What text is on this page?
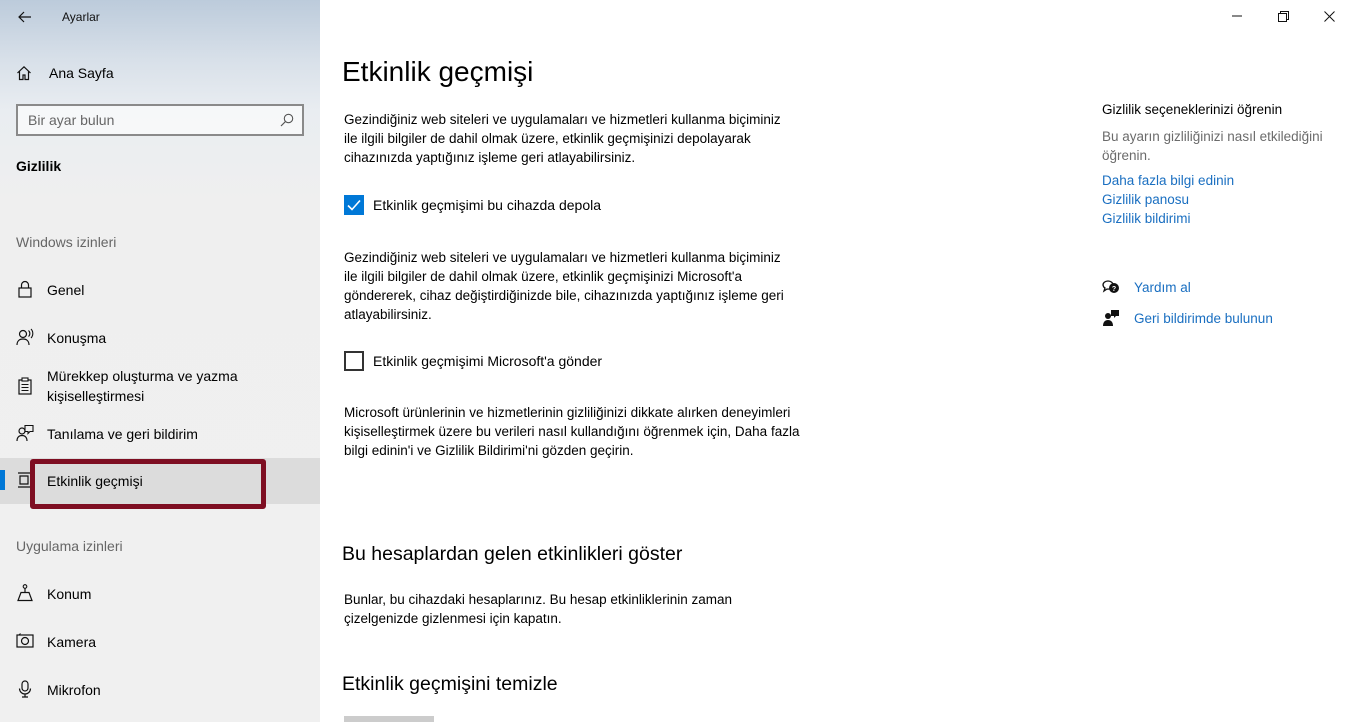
Ayarlar
Ana Sayfa
Bir ayar bulun
Gizlilik
Windows izinleri
Genel
Konuşma
Mürekkep oluşturma ve yazma kişiselleştirmesi
Tanılama ve geri bildirim
Etkinlik geçmişi
Uygulama izinleri
Konum
Kamera
Mikrofon
Etkinlik geçmişi

Gezindiğiniz web siteleri ve uygulamaları ve hizmetleri kullanma biçiminiz ile ilgili bilgiler de dahil olmak üzere, etkinlik geçmişinizi depolayarak cihazınızda yaptığınız işleme geri atlayabilirsiniz.

Etkinlik geçmişimi bu cihazda depola

Gezindiğiniz web siteleri ve uygulamaları ve hizmetleri kullanma biçiminiz ile ilgili bilgiler de dahil olmak üzere, etkinlik geçmişinizi Microsoft'a göndererek, cihaz değiştirdiğinizde bile, cihazınızda yaptığınız işleme geri atlayabilirsiniz.

Etkinlik geçmişimi Microsoft'a gönder

Microsoft ürünlerinin ve hizmetlerinin gizliliğinizi dikkate alırken deneyimleri kişiselleştirmek üzere bu verileri nasıl kullandığını öğrenmek için, Daha fazla bilgi edinin'i ve Gizlilik Bildirimi'ni gözden geçirin.

Bu hesaplardan gelen etkinlikleri göster

Bunlar, bu cihazdaki hesaplarınız. Bu hesap etkinliklerinin zaman çizelgenizde gizlenmesi için kapatın.

Etkinlik geçmişini temizle
Gizlilik seçeneklerinizi öğrenin
Bu ayarın gizliliğinizi nasıl etkilediğini öğrenin.
Daha fazla bilgi edinin
Gizlilik panosu
Gizlilik bildirimi
? Yardım al
Geri bildirimde bulunun
